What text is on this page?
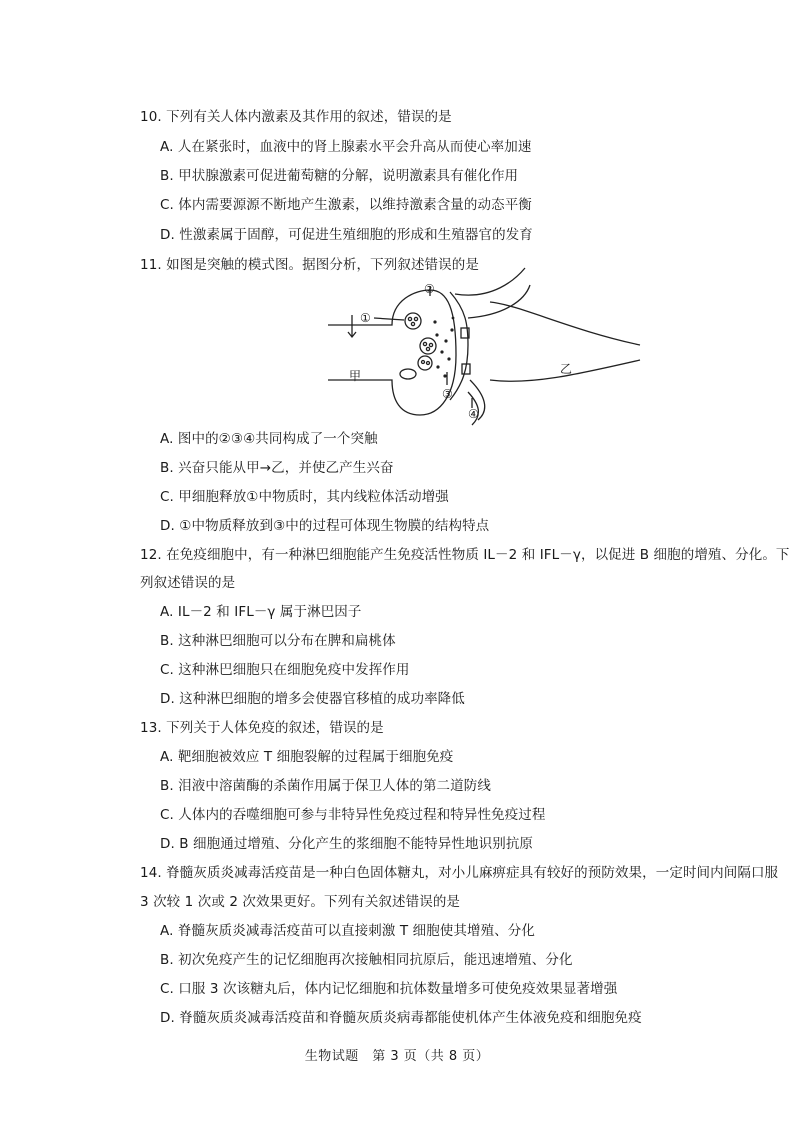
10. 下列有关人体内激素及其作用的叙述，错误的是
A. 人在紧张时，血液中的肾上腺素水平会升高从而使心率加速
B. 甲状腺激素可促进葡萄糖的分解，说明激素具有催化作用
C. 体内需要源源不断地产生激素，以维持激素含量的动态平衡
D. 性激素属于固醇，可促进生殖细胞的形成和生殖器官的发育
11. 如图是突触的模式图。据图分析，下列叙述错误的是
①
②
③
④
甲	乙
A. 图中的②③④共同构成了一个突触
B. 兴奋只能从甲→乙，并使乙产生兴奋
C. 甲细胞释放①中物质时，其内线粒体活动增强
D. ①中物质释放到③中的过程可体现生物膜的结构特点
12. 在免疫细胞中，有一种淋巴细胞能产生免疫活性物质 IL－2 和 IFL－γ，以促进 B 细胞的增殖、分化。下
列叙述错误的是
A. IL－2 和 IFL－γ 属于淋巴因子
B. 这种淋巴细胞可以分布在脾和扁桃体
C. 这种淋巴细胞只在细胞免疫中发挥作用
D. 这种淋巴细胞的增多会使器官移植的成功率降低
13. 下列关于人体免疫的叙述，错误的是
A. 靶细胞被效应 T 细胞裂解的过程属于细胞免疫
B. 泪液中溶菌酶的杀菌作用属于保卫人体的第二道防线
C. 人体内的吞噬细胞可参与非特异性免疫过程和特异性免疫过程
D. B 细胞通过增殖、分化产生的浆细胞不能特异性地识别抗原
14. 脊髓灰质炎减毒活疫苗是一种白色固体糖丸，对小儿麻痹症具有较好的预防效果，一定时间内间隔口服
3 次较 1 次或 2 次效果更好。下列有关叙述错误的是
A. 脊髓灰质炎减毒活疫苗可以直接刺激 T 细胞使其增殖、分化
B. 初次免疫产生的记忆细胞再次接触相同抗原后，能迅速增殖、分化
C. 口服 3 次该糖丸后，体内记忆细胞和抗体数量增多可使免疫效果显著增强
D. 脊髓灰质炎减毒活疫苗和脊髓灰质炎病毒都能使机体产生体液免疫和细胞免疫
生物试题　第 3 页（共 8 页）
